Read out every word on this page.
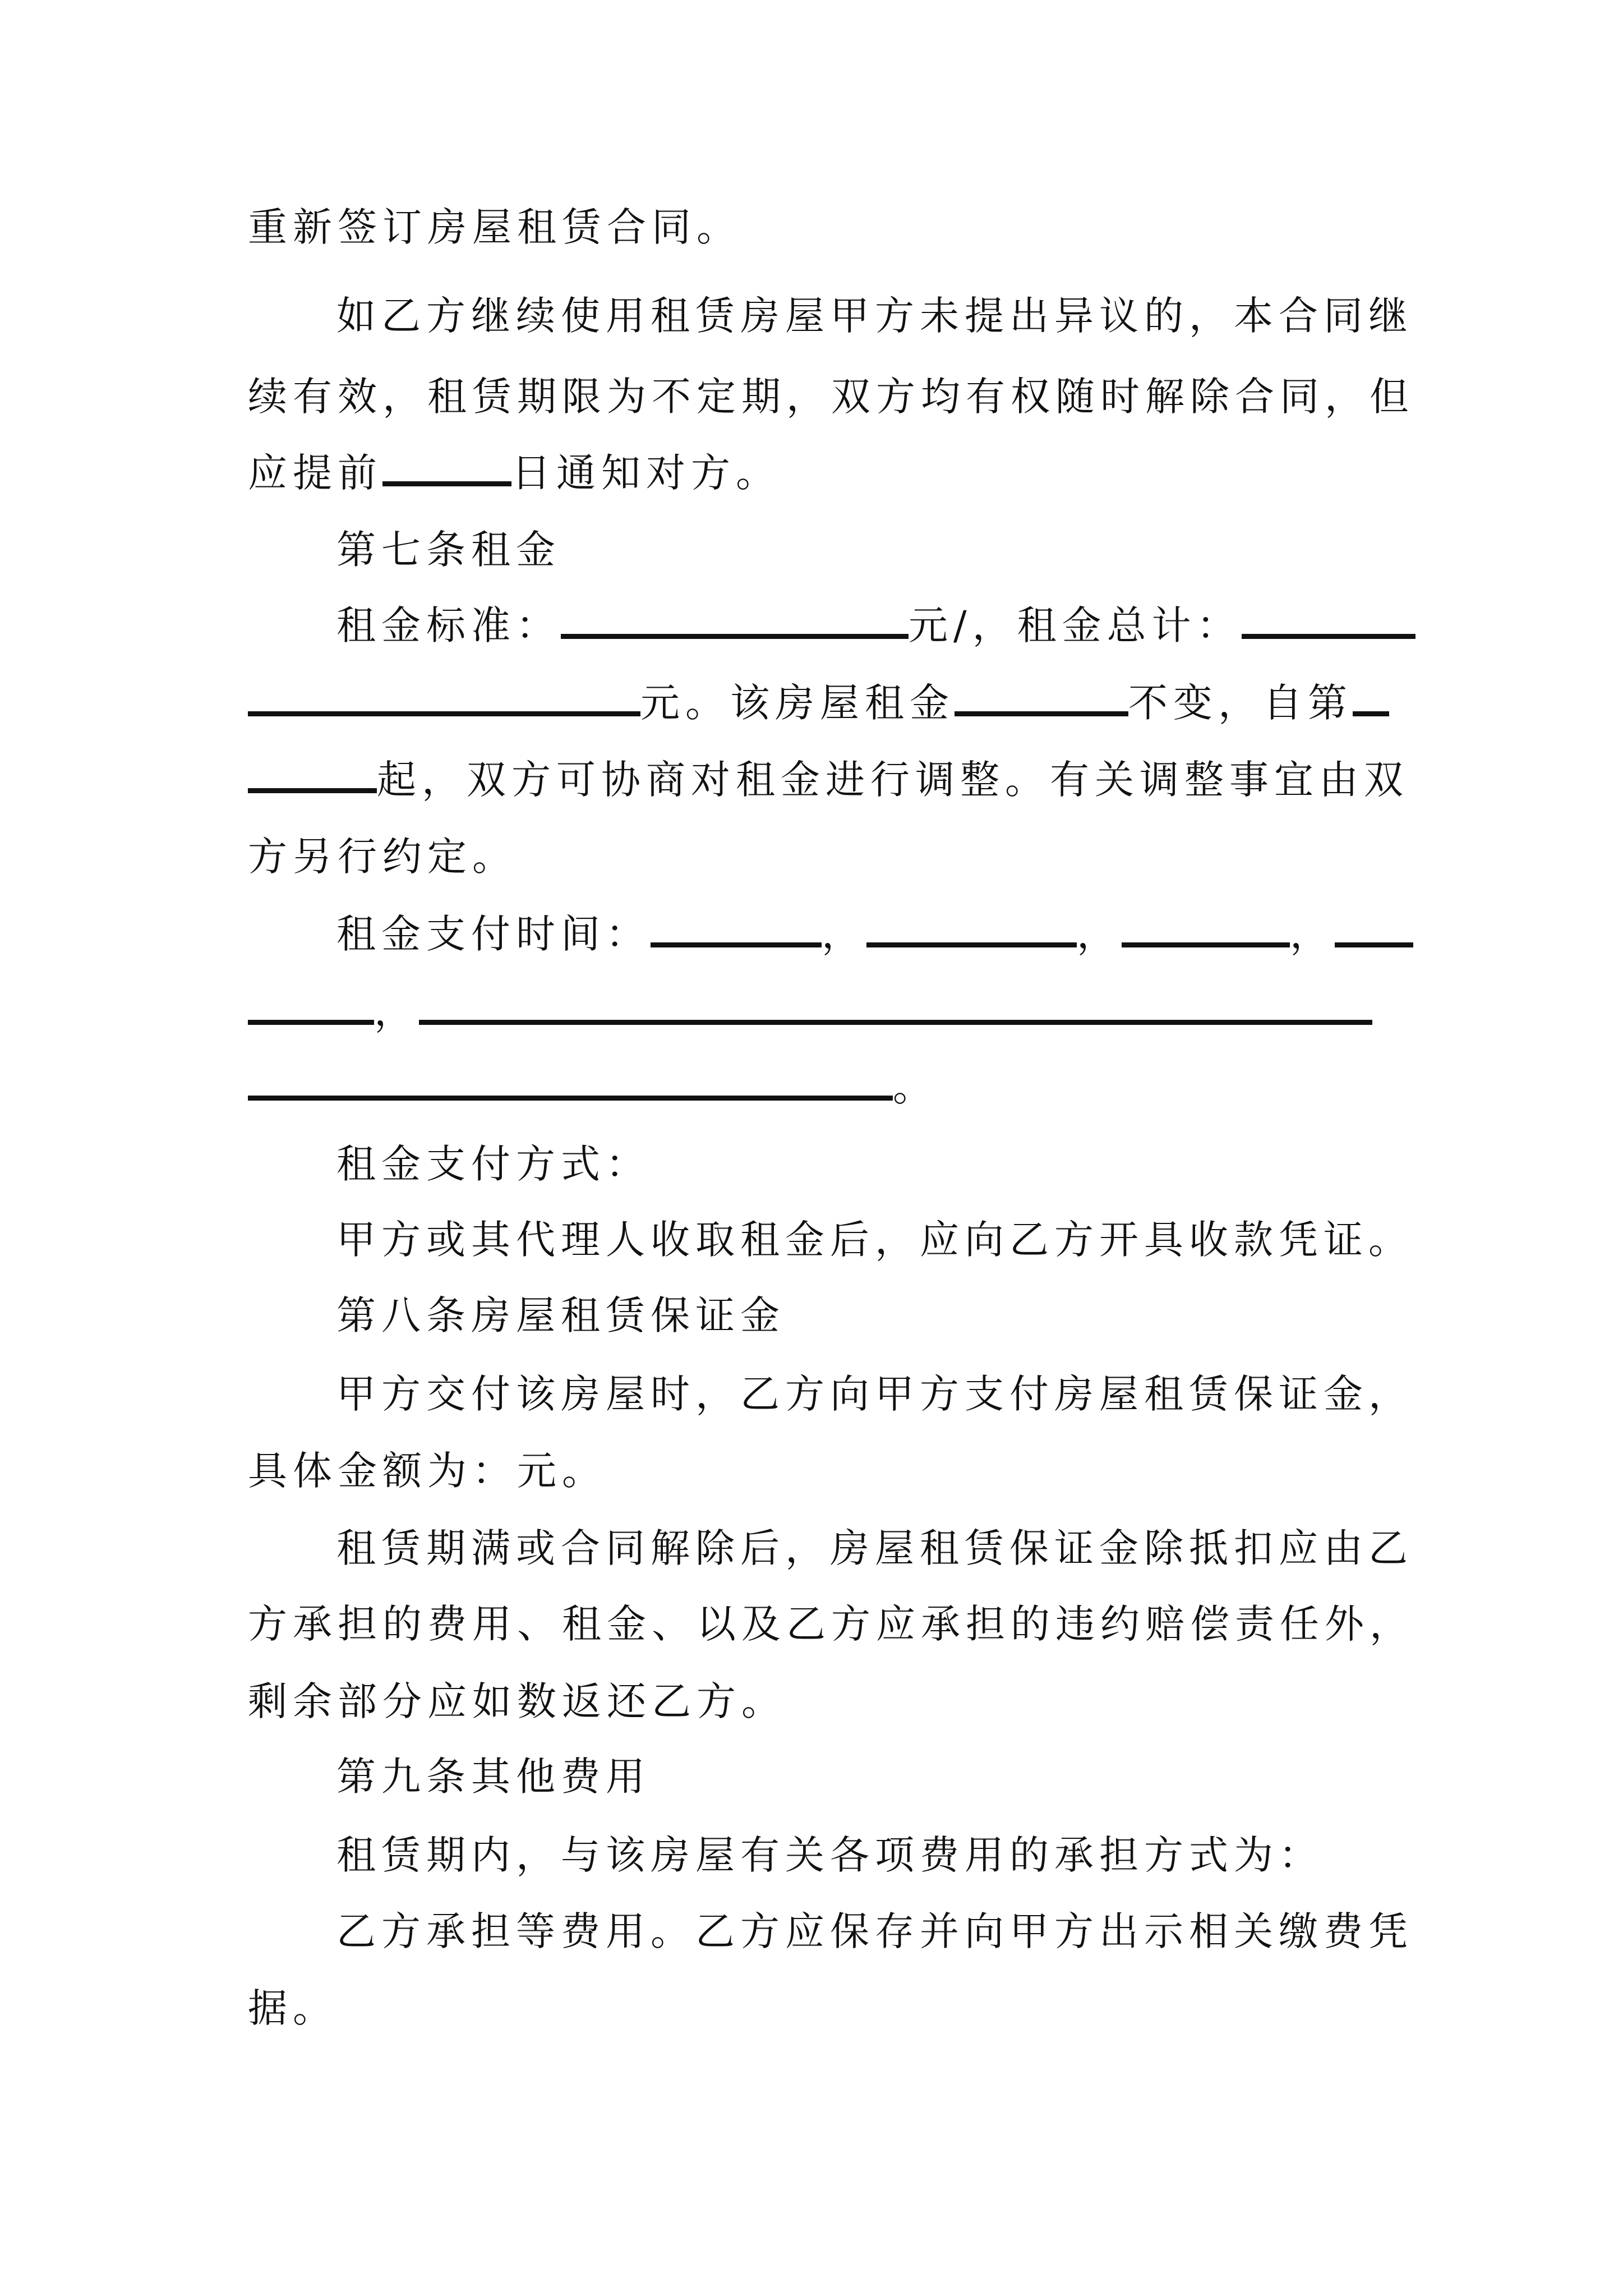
重新签订房屋租赁合同。
如乙方继续使用租赁房屋甲方未提出异议的，本合同继
续有效，租赁期限为不定期，双方均有权随时解除合同，但
应提前	日通知对方。
第七条租金
租金标准：	元/，租金总计：
元。该房屋租金	不变，自第
起，双方可协商对租金进行调整。有关调整事宜由双
方另行约定。
租金支付时间：	，	，	，
，
。
租金支付方式：
甲方或其代理人收取租金后，应向乙方开具收款凭证。
第八条房屋租赁保证金
甲方交付该房屋时，乙方向甲方支付房屋租赁保证金，
具体金额为：元。
租赁期满或合同解除后，房屋租赁保证金除抵扣应由乙
方承担的费用、租金、以及乙方应承担的违约赔偿责任外，
剩余部分应如数返还乙方。
第九条其他费用
租赁期内，与该房屋有关各项费用的承担方式为：
乙方承担等费用。乙方应保存并向甲方出示相关缴费凭
据。
